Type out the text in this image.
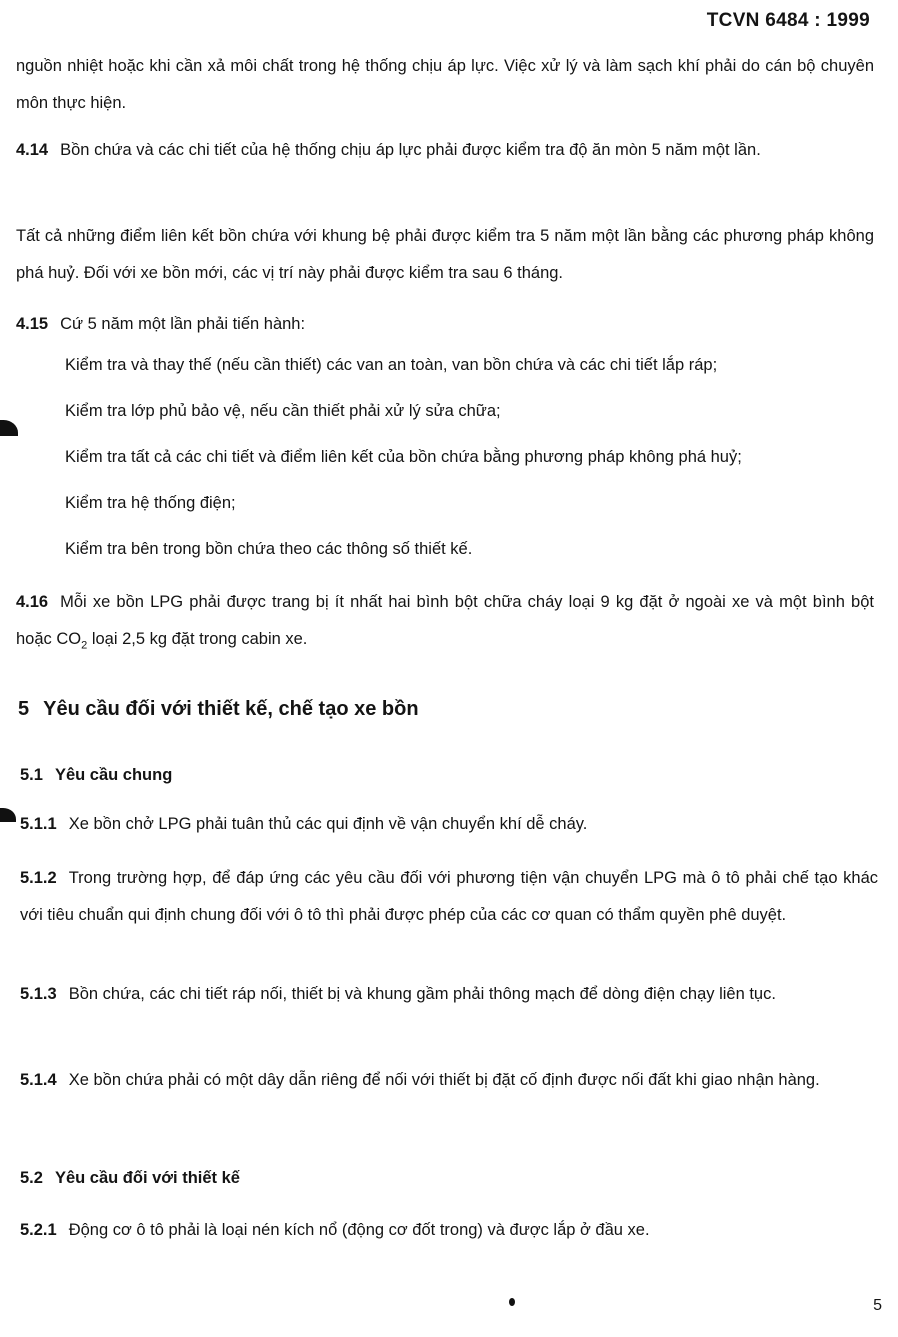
TCVN 6484 : 1999
nguồn nhiệt hoặc khi cần xả môi chất trong hệ thống chịu áp lực. Việc xử lý và làm sạch khí phải do cán bộ chuyên môn thực hiện.
4.14 Bồn chứa và các chi tiết của hệ thống chịu áp lực phải được kiểm tra độ ăn mòn 5 năm một lần.
Tất cả những điểm liên kết bồn chứa với khung bệ phải được kiểm tra 5 năm một lần bằng các phương pháp không phá huỷ. Đối với xe bồn mới, các vị trí này phải được kiểm tra sau 6 tháng.
4.15 Cứ 5 năm một lần phải tiến hành:
Kiểm tra và thay thế (nếu cần thiết) các van an toàn, van bồn chứa và các chi tiết lắp ráp;
Kiểm tra lớp phủ bảo vệ, nếu cần thiết phải xử lý sửa chữa;
Kiểm tra tất cả các chi tiết và điểm liên kết của bồn chứa bằng phương pháp không phá huỷ;
Kiểm tra hệ thống điện;
Kiểm tra bên trong bồn chứa theo các thông số thiết kế.
4.16 Mỗi xe bồn LPG phải được trang bị ít nhất hai bình bột chữa cháy loại 9 kg đặt ở ngoài xe và một bình bột hoặc $CO_2$ loại 2,5 kg đặt trong cabin xe.
5 Yêu cầu đối với thiết kế, chế tạo xe bồn
5.1 Yêu cầu chung
5.1.1 Xe bồn chở LPG phải tuân thủ các qui định về vận chuyển khí dễ cháy.
5.1.2 Trong trường hợp, để đáp ứng các yêu cầu đối với phương tiện vận chuyển LPG mà ô tô phải chế tạo khác với tiêu chuẩn qui định chung đối với ô tô thì phải được phép của các cơ quan có thẩm quyền phê duyệt.
5.1.3 Bồn chứa, các chi tiết ráp nối, thiết bị và khung gầm phải thông mạch để dòng điện chạy liên tục.
5.1.4 Xe bồn chứa phải có một dây dẫn riêng để nối với thiết bị đặt cố định được nối đất khi giao nhận hàng.
5.2 Yêu cầu đối với thiết kế
5.2.1 Động cơ ô tô phải là loại nén kích nổ (động cơ đốt trong) và được lắp ở đầu xe.
5
